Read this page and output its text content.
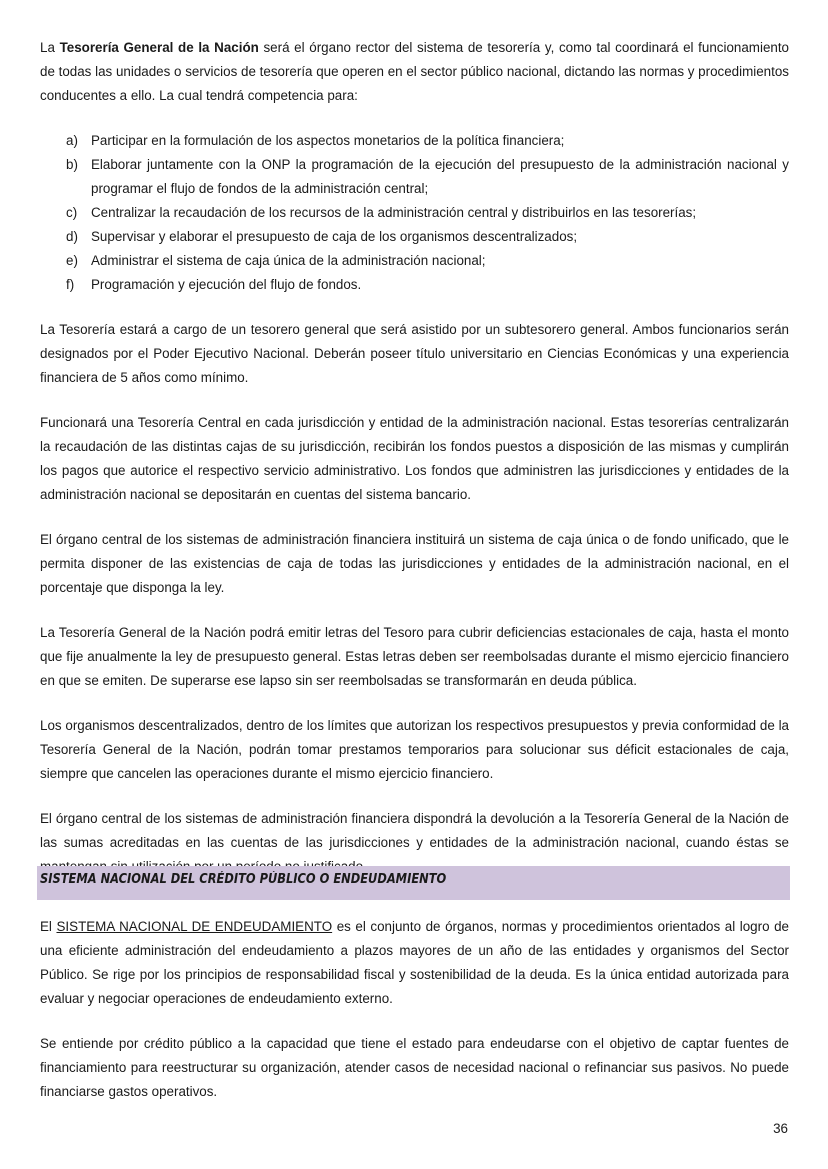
La Tesorería General de la Nación será el órgano rector del sistema de tesorería y, como tal coordinará el funcionamiento de todas las unidades o servicios de tesorería que operen en el sector público nacional, dictando las normas y procedimientos conducentes a ello. La cual tendrá competencia para:

a) Participar en la formulación de los aspectos monetarios de la política financiera;
b) Elaborar juntamente con la ONP la programación de la ejecución del presupuesto de la administración nacional y programar el flujo de fondos de la administración central;
c) Centralizar la recaudación de los recursos de la administración central y distribuirlos en las tesorerías;
d) Supervisar y elaborar el presupuesto de caja de los organismos descentralizados;
e) Administrar el sistema de caja única de la administración nacional;
f) Programación y ejecución del flujo de fondos.

La Tesorería estará a cargo de un tesorero general que será asistido por un subtesorero general. Ambos funcionarios serán designados por el Poder Ejecutivo Nacional. Deberán poseer título universitario en Ciencias Económicas y una experiencia financiera de 5 años como mínimo.

Funcionará una Tesorería Central en cada jurisdicción y entidad de la administración nacional. Estas tesorerías centralizarán la recaudación de las distintas cajas de su jurisdicción, recibirán los fondos puestos a disposición de las mismas y cumplirán los pagos que autorice el respectivo servicio administrativo. Los fondos que administren las jurisdicciones y entidades de la administración nacional se depositarán en cuentas del sistema bancario.

El órgano central de los sistemas de administración financiera instituirá un sistema de caja única o de fondo unificado, que le permita disponer de las existencias de caja de todas las jurisdicciones y entidades de la administración nacional, en el porcentaje que disponga la ley.

La Tesorería General de la Nación podrá emitir letras del Tesoro para cubrir deficiencias estacionales de caja, hasta el monto que fije anualmente la ley de presupuesto general. Estas letras deben ser reembolsadas durante el mismo ejercicio financiero en que se emiten. De superarse ese lapso sin ser reembolsadas se transformarán en deuda pública.

Los organismos descentralizados, dentro de los límites que autorizan los respectivos presupuestos y previa conformidad de la Tesorería General de la Nación, podrán tomar prestamos temporarios para solucionar sus déficit estacionales de caja, siempre que cancelen las operaciones durante el mismo ejercicio financiero.

El órgano central de los sistemas de administración financiera dispondrá la devolución a la Tesorería General de la Nación de las sumas acreditadas en las cuentas de las jurisdicciones y entidades de la administración nacional, cuando éstas se

SISTEMA NACIONAL DEL CRÉDITO PÚBLICO O ENDEUDAMIENTO

El SISTEMA NACIONAL DE ENDEUDAMIENTO es el conjunto de órganos, normas y procedimientos orientados al logro de una eficiente administración del endeudamiento a plazos mayores de un año de las entidades y organismos del Sector Público. Se rige por los principios de responsabilidad fiscal y sostenibilidad de la deuda. Es la única entidad autorizada para evaluar y negociar operaciones de endeudamiento externo.

Se entiende por crédito público a la capacidad que tiene el estado para endeudarse con el objetivo de captar fuentes de financiamiento para reestructurar su organización, atender casos de necesidad nacional o refinanciar sus pasivos. No puede financiarse gastos operativos.

36
